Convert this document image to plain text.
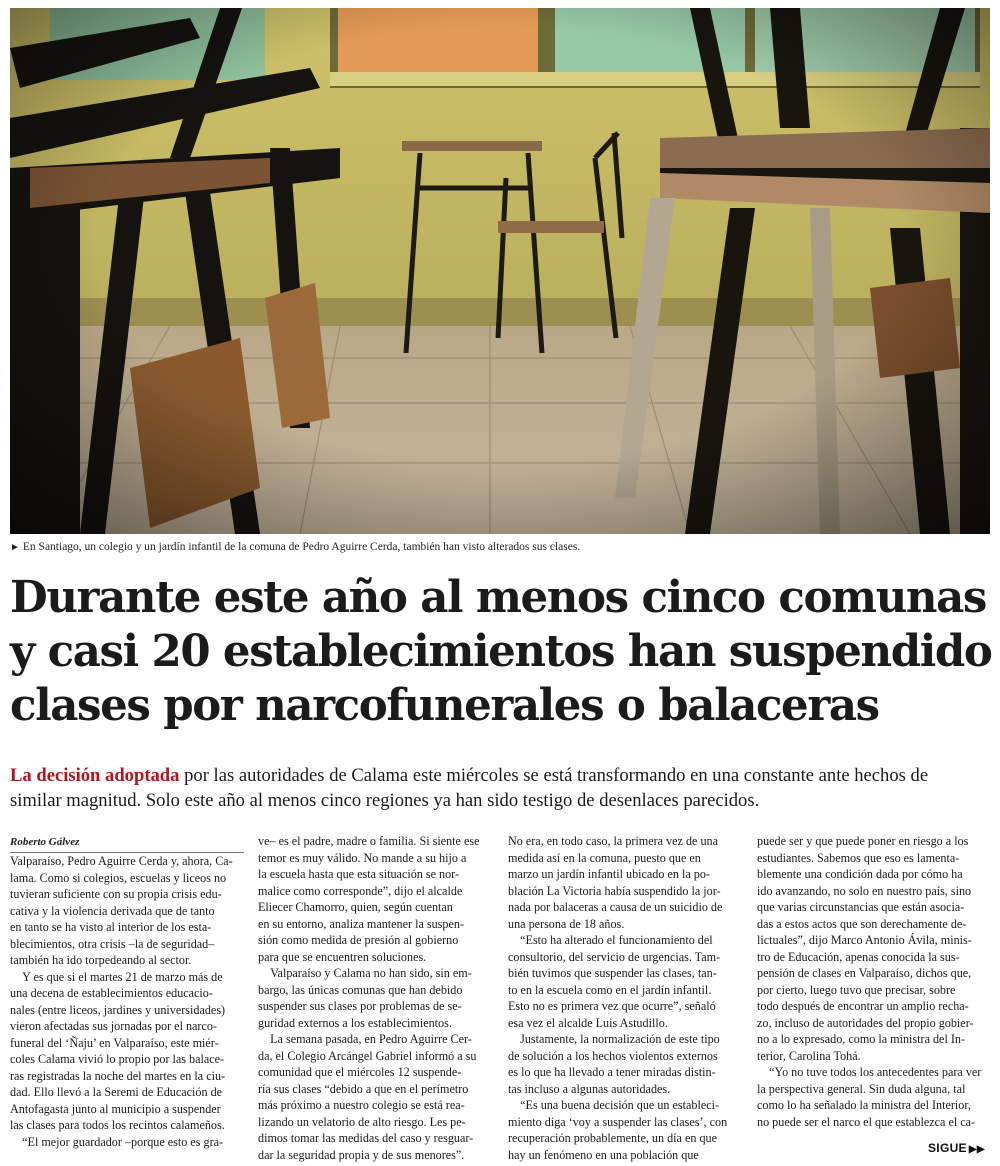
► En Santiago, un colegio y un jardín infantil de la comuna de Pedro Aguirre Cerda, también han visto alterados sus clases.
Durante este año al menos cinco comunas
y casi 20 establecimientos han suspendido
clases por narcofunerales o balaceras
La decisión adoptada por las autoridades de Calama este miércoles se está transformando en una constante ante hechos de
similar magnitud. Solo este año al menos cinco regiones ya han sido testigo de desenlaces parecidos.
Roberto Gálvez
Valparaíso, Pedro Aguirre Cerda y, ahora, Ca-
lama. Como si colegios, escuelas y liceos no
tuvieran suficiente con su propia crisis edu-
cativa y la violencia derivada que de tanto
en tanto se ha visto al interior de los esta-
blecimientos, otra crisis –la de seguridad–
también ha ido torpedeando al sector.
 Y es que si el martes 21 de marzo más de
una decena de establecimientos educacio-
nales (entre liceos, jardines y universidades)
vieron afectadas sus jornadas por el narco-
funeral del ‘Ñaju’ en Valparaíso, este miér-
coles Calama vivió lo propio por las balace-
ras registradas la noche del martes en la ciu-
dad. Ello llevó a la Seremi de Educación de
Antofagasta junto al municipio a suspender
las clases para todos los recintos calameños.
 “El mejor guardador –porque esto es gra-
ve– es el padre, madre o familia. Si siente ese
temor es muy válido. No mande a su hijo a
la escuela hasta que esta situación se nor-
malice como corresponde”, dijo el alcalde
Eliecer Chamorro, quien, según cuentan
en su entorno, analiza mantener la suspen-
sión como medida de presión al gobierno
para que se encuentren soluciones.
 Valparaíso y Calama no han sido, sin em-
bargo, las únicas comunas que han debido
suspender sus clases por problemas de se-
guridad externos a los establecimientos.
 La semana pasada, en Pedro Aguirre Cer-
da, el Colegio Arcángel Gabriel informó a su
comunidad que el miércoles 12 suspende-
ría sus clases “debido a que en el perímetro
más próximo a nuestro colegio se está rea-
lizando un velatorio de alto riesgo. Les pe-
dimos tomar las medidas del caso y resguar-
dar la seguridad propia y de sus menores”.
No era, en todo caso, la primera vez de una
medida así en la comuna, puesto que en
marzo un jardín infantil ubicado en la po-
blación La Victoria había suspendido la jor-
nada por balaceras a causa de un suicidio de
una persona de 18 años.
 “Esto ha alterado el funcionamiento del
consultorio, del servicio de urgencias. Tam-
bién tuvimos que suspender las clases, tan-
to en la escuela como en el jardín infantil.
Esto no es primera vez que ocurre”, señaló
esa vez el alcalde Luis Astudillo.
 Justamente, la normalización de este tipo
de solución a los hechos violentos externos
es lo que ha llevado a tener miradas distin-
tas incluso a algunas autoridades.
 “Es una buena decisión que un estableci-
miento diga ‘voy a suspender las clases’, con
recuperación probablemente, un día en que
hay un fenómeno en una población que
puede ser y que puede poner en riesgo a los
estudiantes. Sabemos que eso es lamenta-
blemente una condición dada por cómo ha
ido avanzando, no solo en nuestro país, sino
que varias circunstancias que están asocia-
das a estos actos que son derechamente de-
lictuales”, dijo Marco Antonio Ávila, minis-
tro de Educación, apenas conocida la sus-
pensión de clases en Valparaíso, dichos que,
por cierto, luego tuvo que precisar, sobre
todo después de encontrar un amplio recha-
zo, incluso de autoridades del propio gobier-
no a lo expresado, como la ministra del In-
terior, Carolina Tohá.
 “Yo no tuve todos los antecedentes para ver
la perspectiva general. Sin duda alguna, tal
como lo ha señalado la ministra del Interior,
no puede ser el narco el que establezca el ca-
SIGUE ▶▶
